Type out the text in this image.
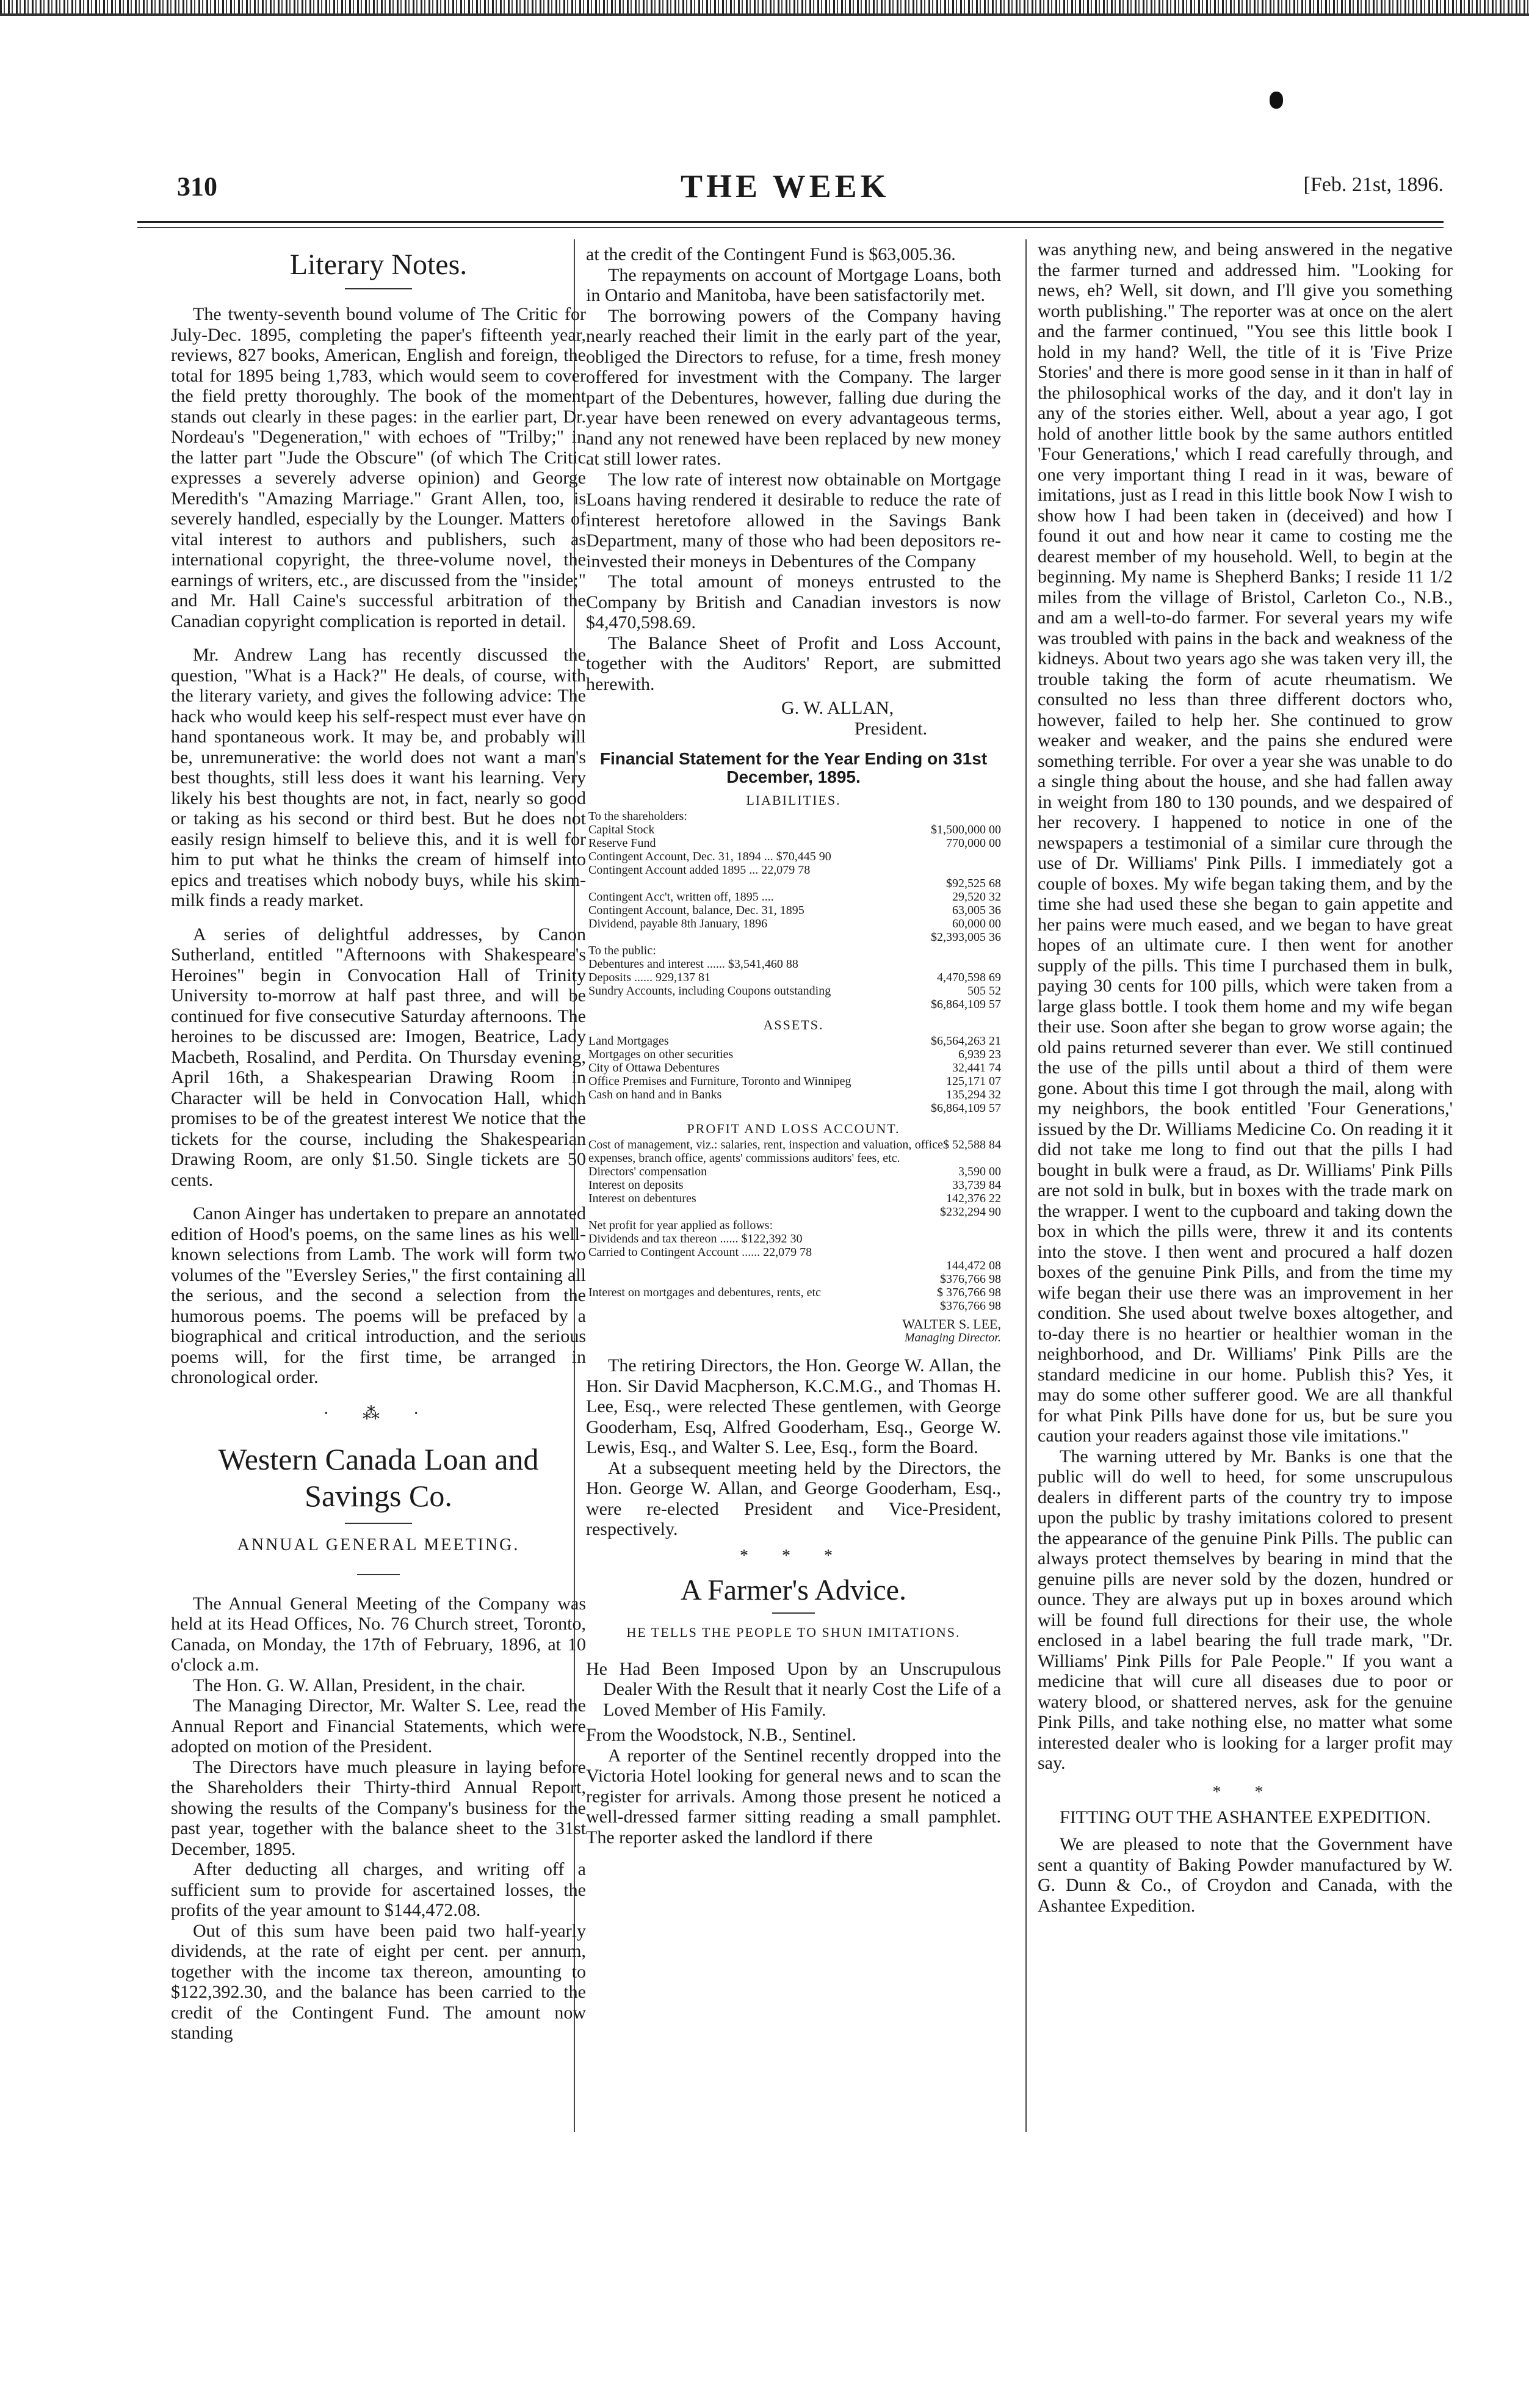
310	THE WEEK	[Feb. 21st, 1896.
Literary Notes.

The twenty-seventh bound volume of The Critic for July-Dec. 1895, completing the paper's fifteenth year, reviews, 827 books, American, English and foreign, the total for 1895 being 1,783, which would seem to cover the field pretty thoroughly. The book of the moment stands out clearly in these pages: in the earlier part, Dr. Nordeau's "Degeneration," with echoes of "Trilby;" in the latter part "Jude the Obscure" (of which The Critic expresses a severely adverse opinion) and George Meredith's "Amazing Marriage." Grant Allen, too, is severely handled, especially by the Lounger. Matters of vital interest to authors and publishers, such as international copyright, the three-volume novel, the earnings of writers, etc., are discussed from the "inside;" and Mr. Hall Caine's successful arbitration of the Canadian copyright complication is reported in detail.

Mr. Andrew Lang has recently discussed the question, "What is a Hack?" He deals, of course, with the literary variety, and gives the following advice: The hack who would keep his self-respect must ever have on hand spontaneous work. It may be, and probably will be, unremunerative: the world does not want a man's best thoughts, still less does it want his learning. Very likely his best thoughts are not, in fact, nearly so good or taking as his second or third best. But he does not easily resign himself to believe this, and it is well for him to put what he thinks the cream of himself into epics and treatises which nobody buys, while his skim-milk finds a ready market.

A series of delightful addresses, by Canon Sutherland, entitled "Afternoons with Shakespeare's Heroines" begin in Convocation Hall of Trinity University to-morrow at half past three, and will be continued for five consecutive Saturday afternoons. The heroines to be discussed are: Imogen, Beatrice, Lady Macbeth, Rosalind, and Perdita. On Thursday evening, April 16th, a Shakespearian Drawing Room in Character will be held in Convocation Hall, which promises to be of the greatest interest We notice that the tickets for the course, including the Shakespearian Drawing Room, are only $1.50. Single tickets are 50 cents.

Canon Ainger has undertaken to prepare an annotated edition of Hood's poems, on the same lines as his well-known selections from Lamb. The work will form two volumes of the "Eversley Series," the first containing all the serious, and the second a selection from the humorous poems. The poems will be prefaced by a biographical and critical introduction, and the serious poems will, for the first time, be arranged in chronological order.

· ⁂ ·
Western Canada Loan and Savings Co.
ANNUAL GENERAL MEETING.

The Annual General Meeting of the Company was held at its Head Offices, No. 76 Church street, Toronto, Canada, on Monday, the 17th of February, 1896, at 10 o'clock a.m.

The Hon. G. W. Allan, President, in the chair.

The Managing Director, Mr. Walter S. Lee, read the Annual Report and Financial Statements, which were adopted on motion of the President.

The Directors have much pleasure in laying before the Shareholders their Thirty-third Annual Report, showing the results of the Company's business for the past year, together with the balance sheet to the 31st December, 1895.

After deducting all charges, and writing off a sufficient sum to provide for ascertained losses, the profits of the year amount to $144,472.08.

Out of this sum have been paid two half-yearly dividends, at the rate of eight per cent. per annum, together with the income tax thereon, amounting to $122,392.30, and the balance has been carried to the credit of the Contingent Fund. The amount now standing

at the credit of the Contingent Fund is $63,005.36.

The repayments on account of Mortgage Loans, both in Ontario and Manitoba, have been satisfactorily met.

The borrowing powers of the Company having nearly reached their limit in the early part of the year, obliged the Directors to refuse, for a time, fresh money offered for investment with the Company. The larger part of the Debentures, however, falling due during the year have been renewed on every advantageous terms, and any not renewed have been replaced by new money at still lower rates.

The low rate of interest now obtainable on Mortgage Loans having rendered it desirable to reduce the rate of interest heretofore allowed in the Savings Bank Department, many of those who had been depositors re-invested their moneys in Debentures of the Company

The total amount of moneys entrusted to the Company by British and Canadian investors is now $4,470,598.69.

The Balance Sheet of Profit and Loss Account, together with the Auditors' Report, are submitted herewith.

G. W. ALLAN,

President.

Financial Statement for the Year Ending on 31st December, 1895.
LIABILITIES.
To the shareholders:
Capital Stock	$1,500,000 00
Reserve Fund	770,000 00
Contingent Account, Dec. 31, 1894 ... $70,445 90
Contingent Account added 1895 ... 22,079 78
$92,525 68
Contingent Acc't, written off, 1895 ....	29,520 32
Contingent Account, balance, Dec. 31, 1895	63,005 36
Dividend, payable 8th January, 1896	60,000 00
$2,393,005 36
To the public:
Debentures and interest ...... $3,541,460 88
Deposits ...... 929,137 81	4,470,598 69
Sundry Accounts, including Coupons outstanding	505 52
$6,864,109 57
ASSETS.
Land Mortgages	$6,564,263 21
Mortgages on other securities	6,939 23
City of Ottawa Debentures	32,441 74
Office Premises and Furniture, Toronto and Winnipeg	125,171 07
Cash on hand and in Banks	135,294 32
$6,864,109 57
PROFIT AND LOSS ACCOUNT.
Cost of management, viz.: salaries, rent, inspection and valuation, office expenses, branch office, agents' commissions auditors' fees, etc.
$ 52,588 84
Directors' compensation	3,590 00
Interest on deposits	33,739 84
Interest on debentures	142,376 22
$232,294 90
Net profit for year applied as follows:
Dividends and tax thereon ...... $122,392 30
Carried to Contingent Account ...... 22,079 78
144,472 08
$376,766 98
Interest on mortgages and debentures, rents, etc	$ 376,766 98
$376,766 98
WALTER S. LEE,
Managing Director.

The retiring Directors, the Hon. George W. Allan, the Hon. Sir David Macpherson, K.C.M.G., and Thomas H. Lee, Esq., were relected These gentlemen, with George Gooderham, Esq, Alfred Gooderham, Esq., George W. Lewis, Esq., and Walter S. Lee, Esq., form the Board.

At a subsequent meeting held by the Directors, the Hon. George W. Allan, and George Gooderham, Esq., were re-elected President and Vice-President, respectively.

* * *
A Farmer's Advice.
HE TELLS THE PEOPLE TO SHUN IMITATIONS.

He Had Been Imposed Upon by an Unscrupulous Dealer With the Result that it nearly Cost the Life of a Loved Member of His Family.

From the Woodstock, N.B., Sentinel.

A reporter of the Sentinel recently dropped into the Victoria Hotel looking for general news and to scan the register for arrivals. Among those present he noticed a well-dressed farmer sitting reading a small pamphlet. The reporter asked the landlord if there

was anything new, and being answered in the negative the farmer turned and addressed him. "Looking for news, eh? Well, sit down, and I'll give you something worth publishing." The reporter was at once on the alert and the farmer continued, "You see this little book I hold in my hand? Well, the title of it is 'Five Prize Stories' and there is more good sense in it than in half of the philosophical works of the day, and it don't lay in any of the stories either. Well, about a year ago, I got hold of another little book by the same authors entitled 'Four Generations,' which I read carefully through, and one very important thing I read in it was, beware of imitations, just as I read in this little book Now I wish to show how I had been taken in (deceived) and how I found it out and how near it came to costing me the dearest member of my household. Well, to begin at the beginning. My name is Shepherd Banks; I reside 11 1/2 miles from the village of Bristol, Carleton Co., N.B., and am a well-to-do farmer. For several years my wife was troubled with pains in the back and weakness of the kidneys. About two years ago she was taken very ill, the trouble taking the form of acute rheumatism. We consulted no less than three different doctors who, however, failed to help her. She continued to grow weaker and weaker, and the pains she endured were something terrible. For over a year she was unable to do a single thing about the house, and she had fallen away in weight from 180 to 130 pounds, and we despaired of her recovery. I happened to notice in one of the newspapers a testimonial of a similar cure through the use of Dr. Williams' Pink Pills. I immediately got a couple of boxes. My wife began taking them, and by the time she had used these she began to gain appetite and her pains were much eased, and we began to have great hopes of an ultimate cure. I then went for another supply of the pills. This time I purchased them in bulk, paying 30 cents for 100 pills, which were taken from a large glass bottle. I took them home and my wife began their use. Soon after she began to grow worse again; the old pains returned severer than ever. We still continued the use of the pills until about a third of them were gone. About this time I got through the mail, along with my neighbors, the book entitled 'Four Generations,' issued by the Dr. Williams Medicine Co. On reading it it did not take me long to find out that the pills I had bought in bulk were a fraud, as Dr. Williams' Pink Pills are not sold in bulk, but in boxes with the trade mark on the wrapper. I went to the cupboard and taking down the box in which the pills were, threw it and its contents into the stove. I then went and procured a half dozen boxes of the genuine Pink Pills, and from the time my wife began their use there was an improvement in her condition. She used about twelve boxes altogether, and to-day there is no heartier or healthier woman in the neighborhood, and Dr. Williams' Pink Pills are the standard medicine in our home. Publish this? Yes, it may do some other sufferer good. We are all thankful for what Pink Pills have done for us, but be sure you caution your readers against those vile imitations."

The warning uttered by Mr. Banks is one that the public will do well to heed, for some unscrupulous dealers in different parts of the country try to impose upon the public by trashy imitations colored to present the appearance of the genuine Pink Pills. The public can always protect themselves by bearing in mind that the genuine pills are never sold by the dozen, hundred or ounce. They are always put up in boxes around which will be found full directions for their use, the whole enclosed in a label bearing the full trade mark, "Dr. Williams' Pink Pills for Pale People." If you want a medicine that will cure all diseases due to poor or watery blood, or shattered nerves, ask for the genuine Pink Pills, and take nothing else, no matter what some interested dealer who is looking for a larger profit may say.

* *
FITTING OUT THE ASHANTEE EXPEDITION.

We are pleased to note that the Government have sent a quantity of Baking Powder manufactured by W. G. Dunn & Co., of Croydon and Canada, with the Ashantee Expedition.
